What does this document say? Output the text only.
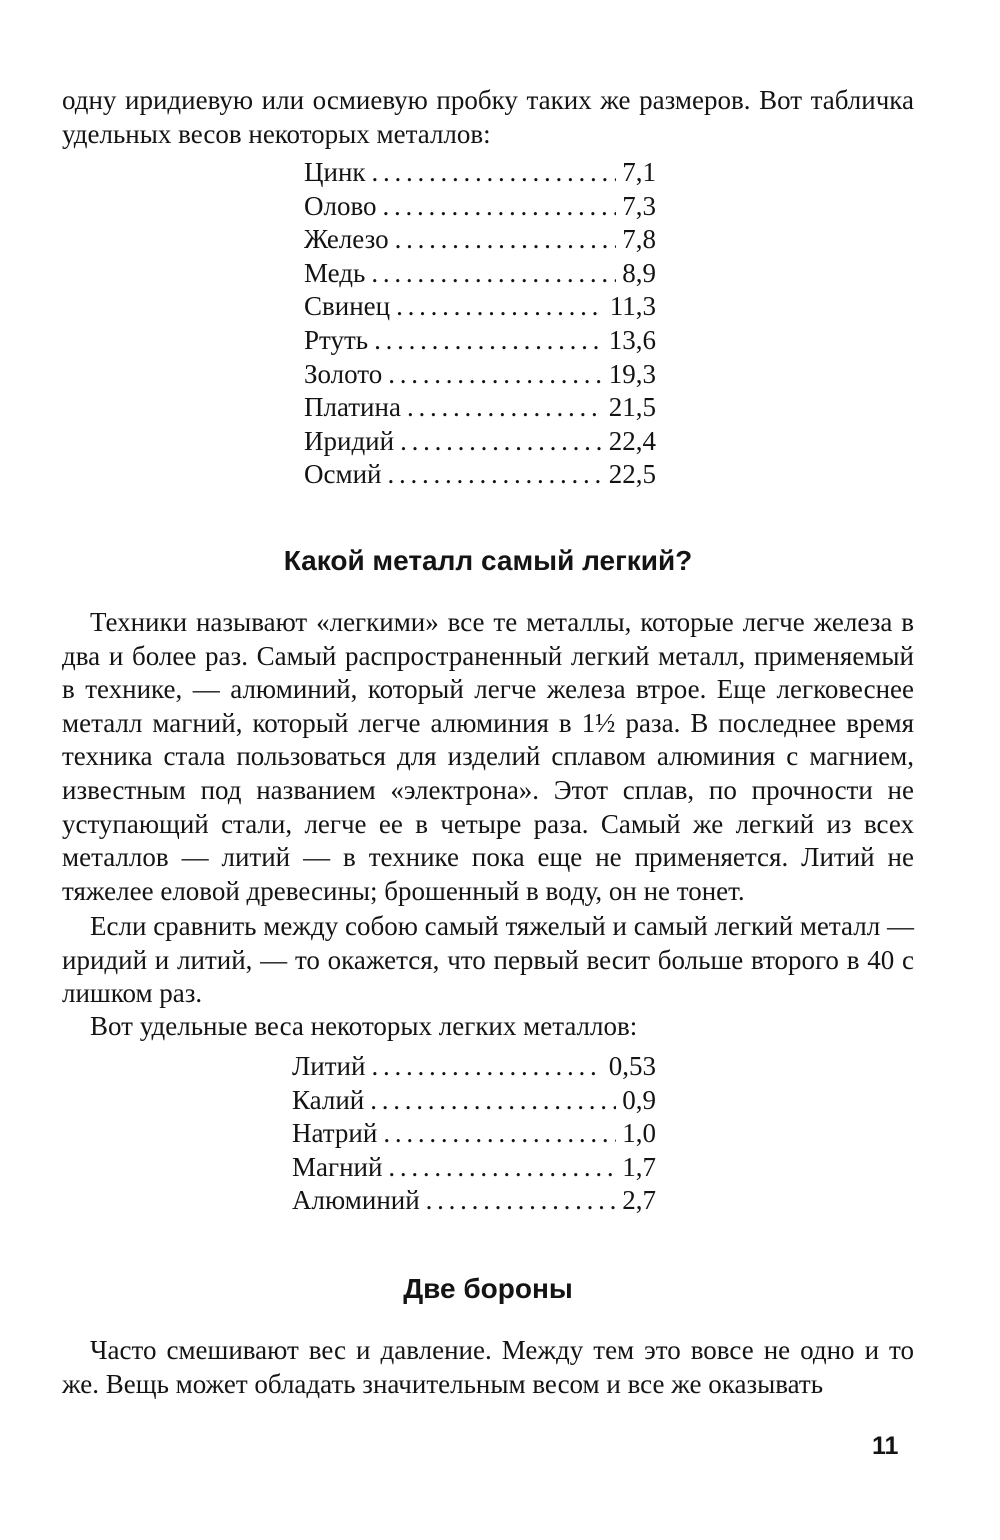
одну иридиевую или осмиевую пробку таких же размеров. Вот табличка удельных весов некоторых металлов:

Цинк . . .	7,1
Олово . . .	7,3
Железо . . .	7,8
Медь . . .	8,9
Свинец . . .	11,3
Ртуть . . .	13,6
Золото . . .	19,3
Платина . . .	21,5
Иридий . . .	22,4
Осмий . . .	22,5
Какой металл самый легкий?

Техники называют «легкими» все те металлы, которые легче железа в два и более раз. Самый распространенный легкий металл, применяемый в технике, — алюминий, который легче железа втрое. Еще легковеснее металл магний, который легче алюминия в 1½ раза. В последнее время техника стала пользоваться для изделий сплавом алюминия с магнием, известным под названием «электрона». Этот сплав, по прочности не уступающий стали, легче ее в четыре раза. Самый же легкий из всех металлов — литий — в технике пока еще не применяется. Литий не тяжелее еловой древесины; брошенный в воду, он не тонет.

Если сравнить между собою самый тяжелый и самый легкий металл — иридий и литий, — то окажется, что первый весит больше второго в 40 с лишком раз.

Вот удельные веса некоторых легких металлов:

Литий . . .	0,53
Калий . . .	0,9
Натрий . . .	1,0
Магний . . .	1,7
Алюминий . . .	2,7
Две бороны

Часто смешивают вес и давление. Между тем это вовсе не одно и то же. Вещь может обладать значительным весом и все же оказывать

11
